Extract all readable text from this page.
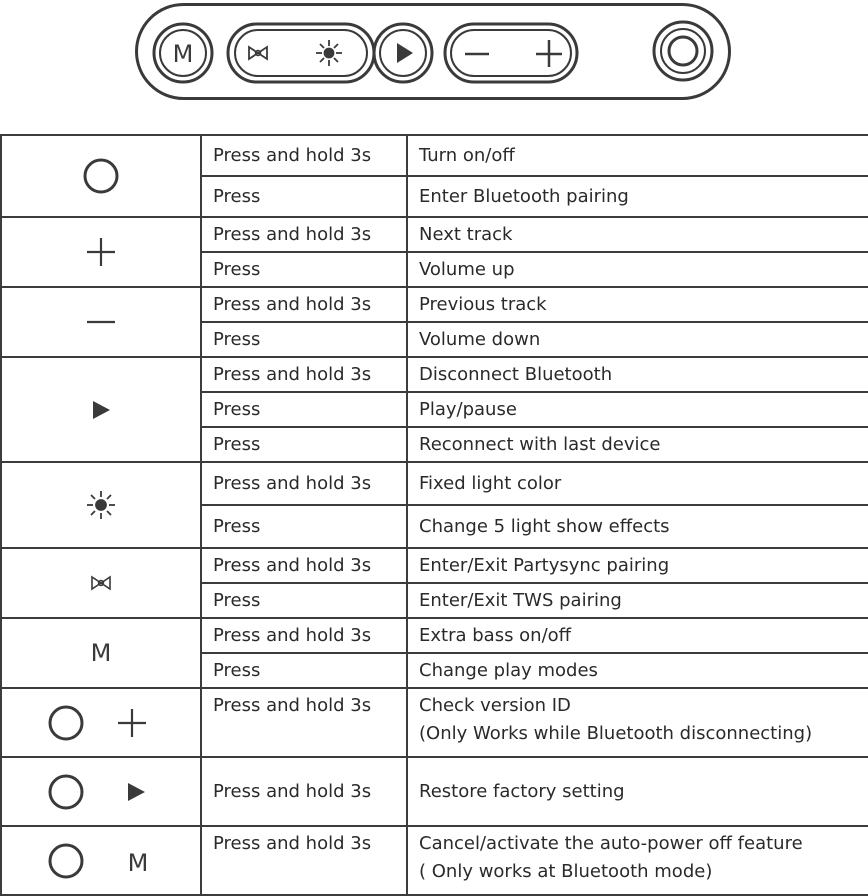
M
	Press and hold 3s	Turn on/off
	Press	Enter Bluetooth pairing
	Press and hold 3s	Next track
	Press	Volume up
	Press and hold 3s	Previous track
	Press	Volume down
	Press and hold 3s	Disconnect Bluetooth
	Press	Play/pause
	Press	Reconnect with last device
	Press and hold 3s	Fixed light color
	Press	Change 5 light show effects
	Press and hold 3s	Enter/Exit Partysync pairing
	Press	Enter/Exit TWS pairing
M	Press and hold 3s	Extra bass on/off
	Press	Change play modes
	Press and hold 3s	Check version ID
(Only Works while Bluetooth disconnecting)

	Press and hold 3s	Restore factory setting

M	Press and hold 3s	Cancel/activate the auto-power off feature
( Only works at Bluetooth mode)
